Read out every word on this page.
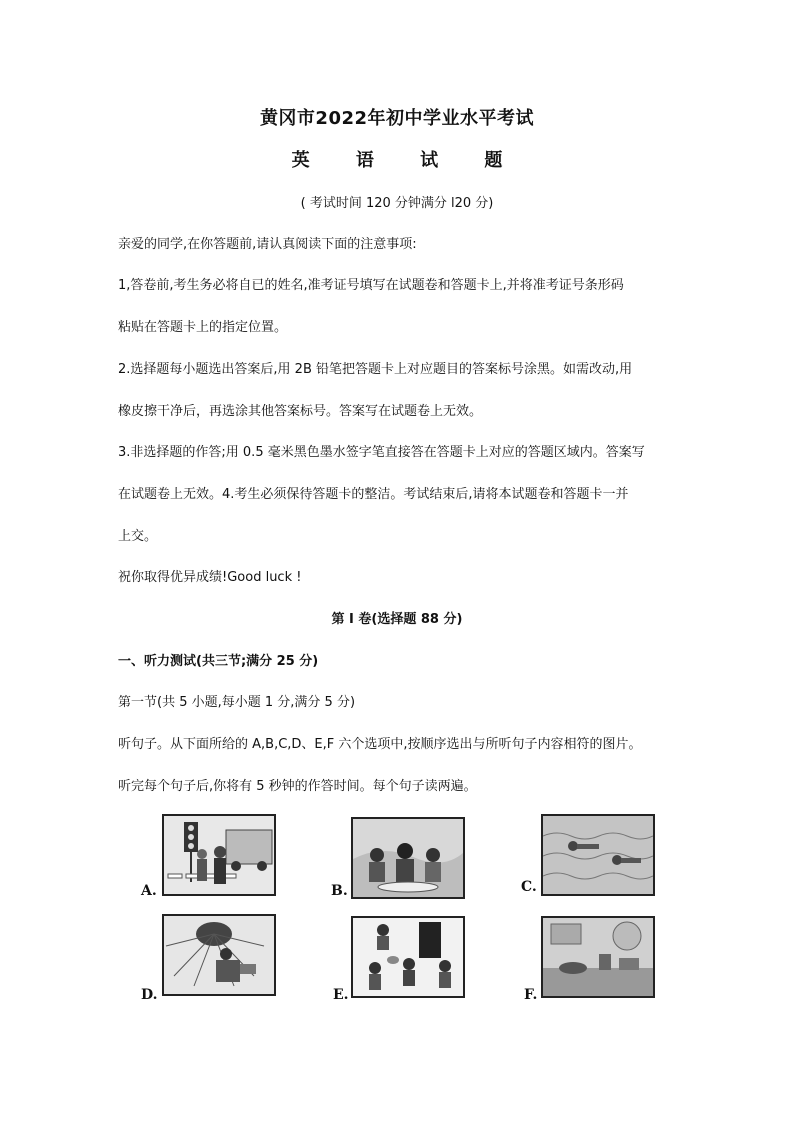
黄冈市2022年初中学业水平考试
英 语 试 题
( 考试时间 120 分钟满分 l20 分)
亲爱的同学,在你答题前,请认真阅读下面的注意事项:
1,答卷前,考生务必将自已的姓名,准考证号填写在试题卷和答题卡上,并将准考证号条形码
粘贴在答题卡上的指定位置。
2.选择题每小题选出答案后,用 2B 铅笔把答题卡上对应题目的答案标号涂黑。如需改动,用
橡皮擦干净后，再选涂其他答案标号。答案写在试题卷上无效。
3.非选择题的作答;用 0.5 毫米黑色墨水签字笔直接答在答题卡上对应的答题区域内。答案写
在试题卷上无效。4.考生必须保待答题卡的整洁。考试结束后,请将本试题卷和答题卡一并
上交。
祝你取得优异成绩!Good luck !
第 I 卷(选择题 88 分)
一、听力测试(共三节;满分 25 分)
第一节(共 5 小题,每小题 1 分,满分 5 分)
听句子。从下面所给的 A,B,C,D、E,F 六个选项中,按顺序选出与所听句子内容相符的图片。
听完每个句子后,你将有 5 秒钟的作答时间。每个句子读两遍。
A.	B.	C.
D.	E.	F.
